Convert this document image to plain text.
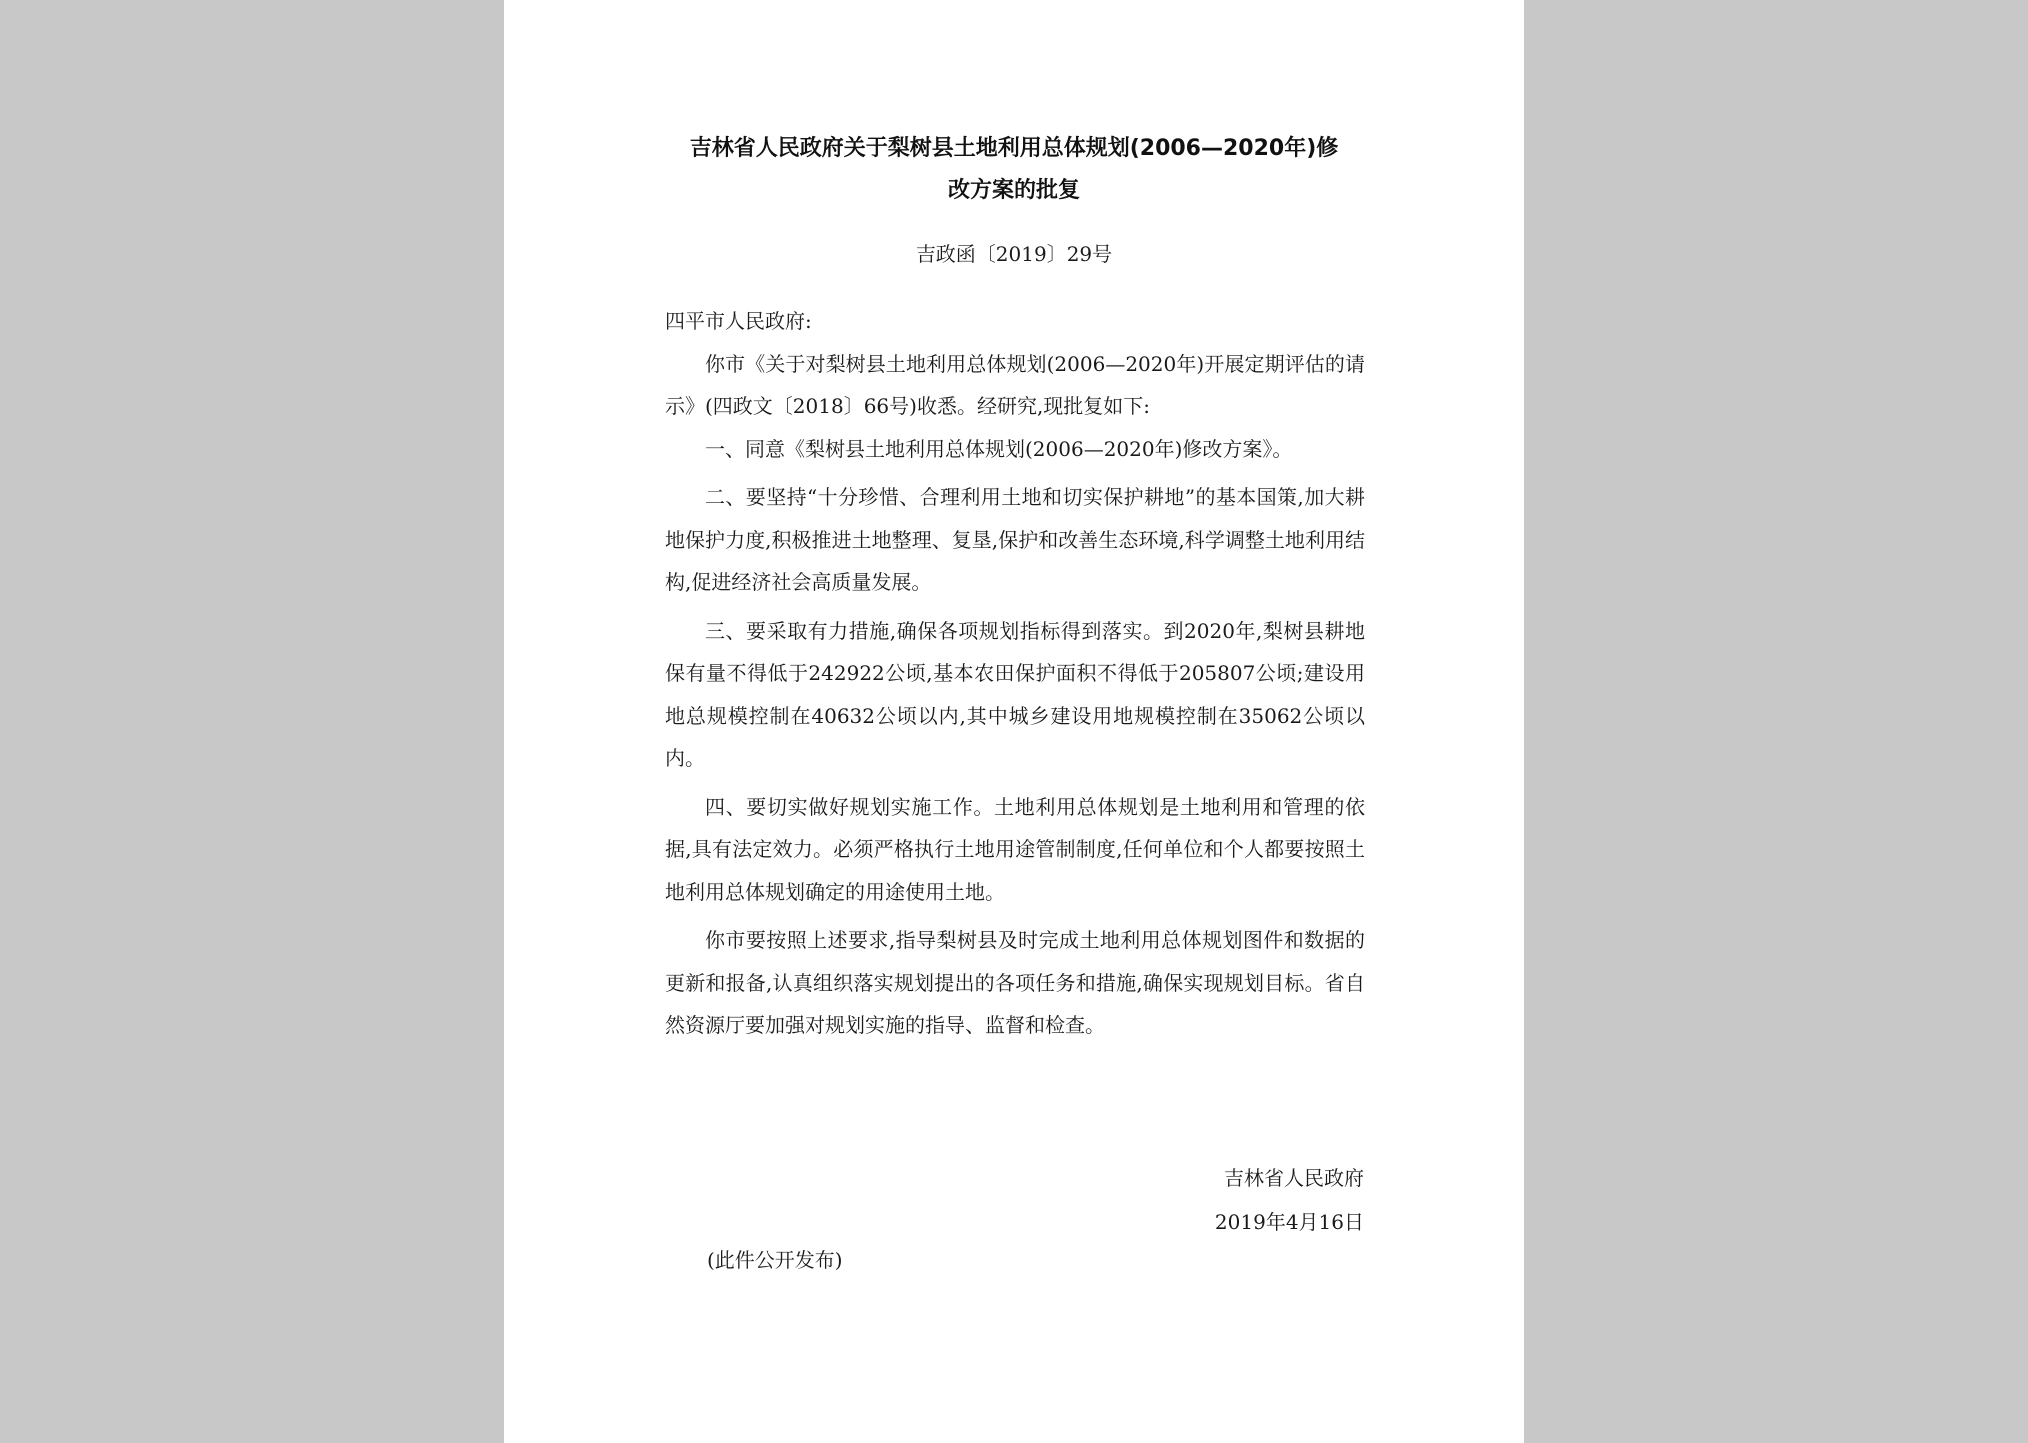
吉林省人民政府关于梨树县土地利用总体规划(2006—2020年)修
改方案的批复

吉政函〔2019〕29号

四平市人民政府:

你市《关于对梨树县土地利用总体规划(2006—2020年)开展定期评估的请示》(四政文〔2018〕66号)收悉。经研究,现批复如下:

一、同意《梨树县土地利用总体规划(2006—2020年)修改方案》。

二、要坚持“十分珍惜、合理利用土地和切实保护耕地”的基本国策,加大耕地保护力度,积极推进土地整理、复垦,保护和改善生态环境,科学调整土地利用结构,促进经济社会高质量发展。

三、要采取有力措施,确保各项规划指标得到落实。到2020年,梨树县耕地保有量不得低于242922公顷,基本农田保护面积不得低于205807公顷;建设用地总规模控制在40632公顷以内,其中城乡建设用地规模控制在35062公顷以内。

四、要切实做好规划实施工作。土地利用总体规划是土地利用和管理的依据,具有法定效力。必须严格执行土地用途管制制度,任何单位和个人都要按照土地利用总体规划确定的用途使用土地。

你市要按照上述要求,指导梨树县及时完成土地利用总体规划图件和数据的更新和报备,认真组织落实规划提出的各项任务和措施,确保实现规划目标。省自然资源厅要加强对规划实施的指导、监督和检查。

吉林省人民政府
2019年4月16日
(此件公开发布)
